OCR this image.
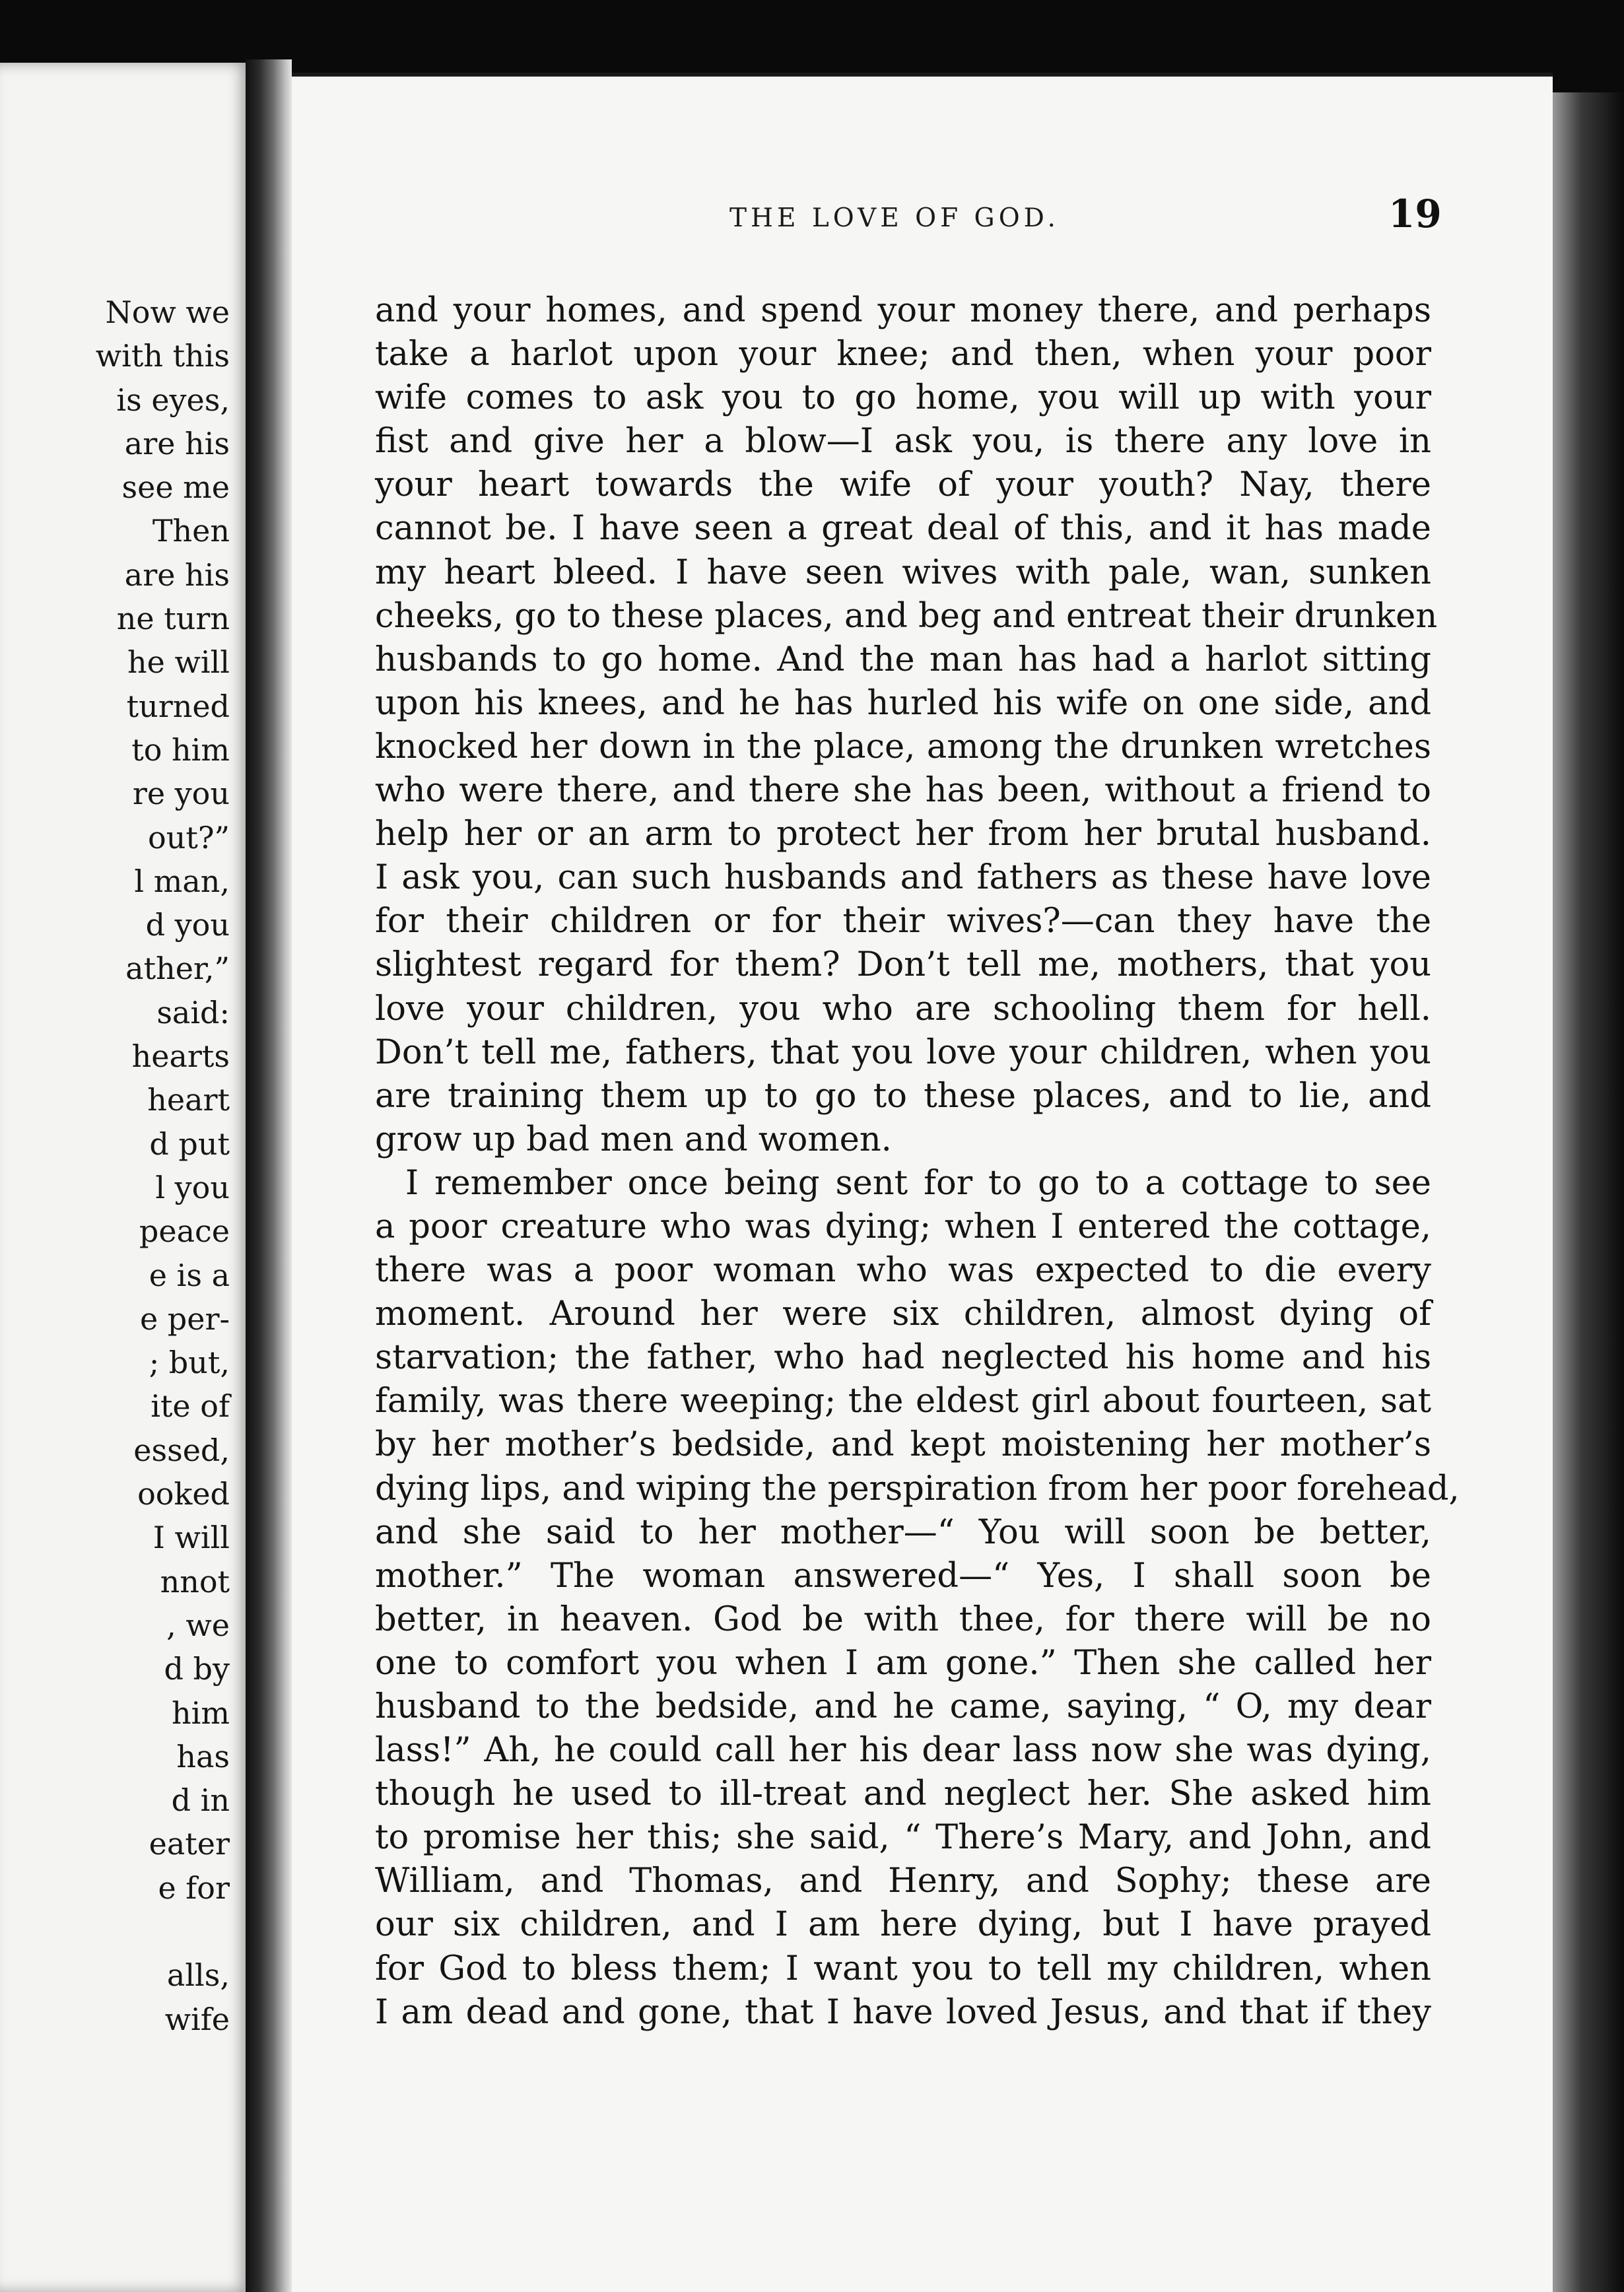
Now we
with this
is eyes,
are his
see me
Then
are his
ne turn
he will
turned
to him
re you
out?”
l man,
d you
ather,”
said:
hearts
heart
d put
l you
peace
e is a
e per-
; but,
ite of
essed,
ooked
I will
nnot
, we
d by
him
has
d in
eater
e for
alls,
wife
THE LOVE OF GOD.	19
and your homes, and spend your money there, and perhaps
take a harlot upon your knee; and then, when your poor
wife comes to ask you to go home, you will up with your
fist and give her a blow—I ask you, is there any love in
your heart towards the wife of your youth? Nay, there
cannot be. I have seen a great deal of this, and it has made
my heart bleed. I have seen wives with pale, wan, sunken
cheeks, go to these places, and beg and entreat their drunken
husbands to go home. And the man has had a harlot sitting
upon his knees, and he has hurled his wife on one side, and
knocked her down in the place, among the drunken wretches
who were there, and there she has been, without a friend to
help her or an arm to protect her from her brutal husband.
I ask you, can such husbands and fathers as these have love
for their children or for their wives?—can they have the
slightest regard for them? Don’t tell me, mothers, that you
love your children, you who are schooling them for hell.
Don’t tell me, fathers, that you love your children, when you
are training them up to go to these places, and to lie, and
grow up bad men and women.
I remember once being sent for to go to a cottage to see
a poor creature who was dying; when I entered the cottage,
there was a poor woman who was expected to die every
moment. Around her were six children, almost dying of
starvation; the father, who had neglected his home and his
family, was there weeping; the eldest girl about fourteen, sat
by her mother’s bedside, and kept moistening her mother’s
dying lips, and wiping the perspiration from her poor forehead,
and she said to her mother—“ You will soon be better,
mother.” The woman answered—“ Yes, I shall soon be
better, in heaven. God be with thee, for there will be no
one to comfort you when I am gone.” Then she called her
husband to the bedside, and he came, saying, “ O, my dear
lass!” Ah, he could call her his dear lass now she was dying,
though he used to ill-treat and neglect her. She asked him
to promise her this; she said, “ There’s Mary, and John, and
William, and Thomas, and Henry, and Sophy; these are
our six children, and I am here dying, but I have prayed
for God to bless them; I want you to tell my children, when
I am dead and gone, that I have loved Jesus, and that if they
